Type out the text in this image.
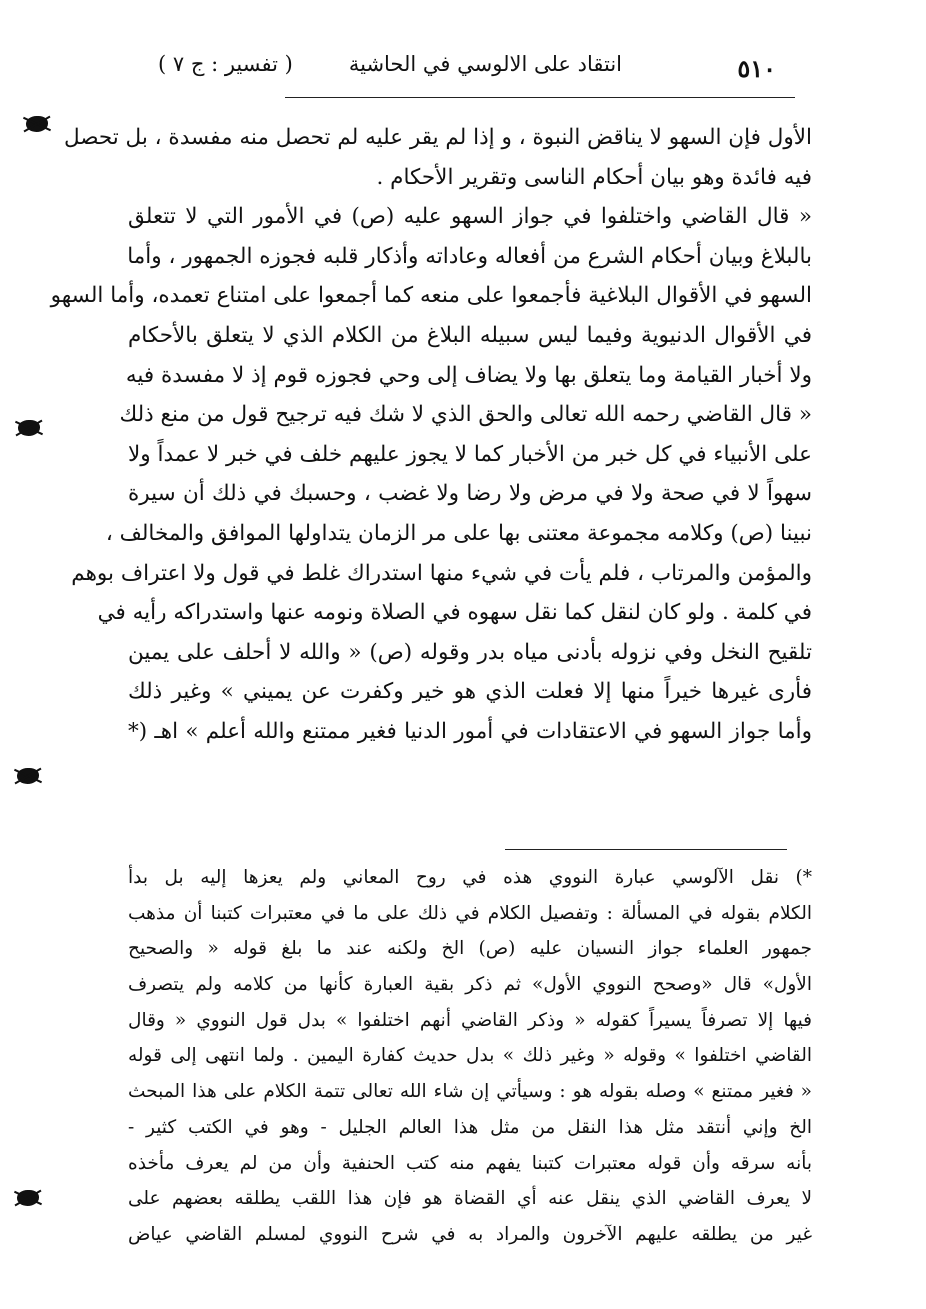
٥١٠
انتقاد على الالوسي في الحاشية
( تفسير : ج ٧ )
الأول فإن السهو لا يناقض النبوة ، و إذا لم يقر عليه لم تحصل منه مفسدة ، بل تحصل
فيه فائدة وهو بيان أحكام الناسى وتقرير الأحكام .
« قال القاضي واختلفوا في جواز السهو عليه (ص) في الأمور التي لا تتعلق
بالبلاغ وبيان أحكام الشرع من أفعاله وعاداته وأذكار قلبه فجوزه الجمهور ، وأما
السهو في الأقوال البلاغية فأجمعوا على منعه كما أجمعوا على امتناع تعمده، وأما السهو
في الأقوال الدنيوية وفيما ليس سبيله البلاغ من الكلام الذي لا يتعلق بالأحكام
ولا أخبار القيامة وما يتعلق بها ولا يضاف إلى وحي فجوزه قوم إذ لا مفسدة فيه
« قال القاضي رحمه الله تعالى والحق الذي لا شك فيه ترجيح قول من منع ذلك
على الأنبياء في كل خبر من الأخبار كما لا يجوز عليهم خلف في خبر لا عمداً ولا
سهواً لا في صحة ولا في مرض ولا رضا ولا غضب ، وحسبك في ذلك أن سيرة
نبينا (ص) وكلامه مجموعة معتنى بها على مر الزمان يتداولها الموافق والمخالف ،
والمؤمن والمرتاب ، فلم يأت في شيء منها استدراك غلط في قول ولا اعتراف بوهم
في كلمة . ولو كان لنقل كما نقل سهوه في الصلاة ونومه عنها واستدراكه رأيه في
تلقيح النخل وفي نزوله بأدنى مياه بدر وقوله (ص) « والله لا أحلف على يمين
فأرى غيرها خيراً منها إلا فعلت الذي هو خير وكفرت عن يميني » وغير ذلك
وأما جواز السهو في الاعتقادات في أمور الدنيا فغير ممتنع والله أعلم » اهـ (*
*) نقل الآلوسي عبارة النووي هذه في روح المعاني ولم يعزها إليه بل بدأ
الكلام بقوله في المسألة : وتفصيل الكلام في ذلك على ما في معتبرات كتبنا أن مذهب
جمهور العلماء جواز النسيان عليه (ص) الخ ولكنه عند ما بلغ قوله « والصحيح
الأول» قال «وصحح النووي الأول» ثم ذكر بقية العبارة كأنها من كلامه ولم يتصرف
فيها إلا تصرفاً يسيراً كقوله « وذكر القاضي أنهم اختلفوا » بدل قول النووي « وقال
القاضي اختلفوا » وقوله « وغير ذلك » بدل حديث كفارة اليمين . ولما انتهى إلى قوله
« فغير ممتنع » وصله بقوله هو : وسيأتي إن شاء الله تعالى تتمة الكلام على هذا المبحث
الخ وإني أنتقد مثل هذا النقل من مثل هذا العالم الجليل - وهو في الكتب كثير -
بأنه سرقه وأن قوله معتبرات كتبنا يفهم منه كتب الحنفية وأن من لم يعرف مأخذه
لا يعرف القاضي الذي ينقل عنه أي القضاة هو فإن هذا اللقب يطلقه بعضهم على
غير من يطلقه عليهم الآخرون والمراد به في شرح النووي لمسلم القاضي عياض
